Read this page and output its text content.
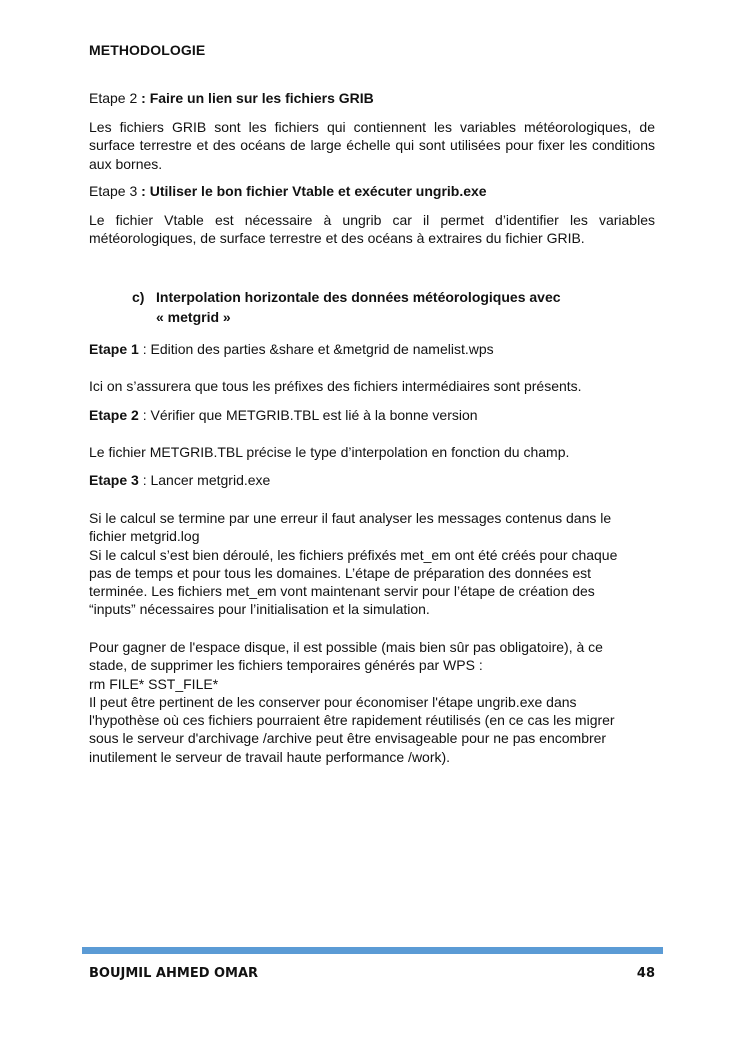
METHODOLOGIE
Etape 2 : Faire un lien sur les fichiers GRIB
Les fichiers GRIB sont les fichiers qui contiennent les variables météorologiques, de surface terrestre et des océans de large échelle qui sont utilisées pour fixer les conditions aux bornes.
Etape 3 : Utiliser le bon fichier Vtable et exécuter ungrib.exe
Le fichier Vtable est nécessaire à ungrib car il permet d’identifier les variables météorologiques, de surface terrestre et des océans à extraires du fichier GRIB.
c) Interpolation horizontale des données météorologiques avec
« metgrid »
Etape 1 : Edition des parties &share et &metgrid de namelist.wps
Ici on s’assurera que tous les préfixes des fichiers intermédiaires sont présents.
Etape 2 : Vérifier que METGRIB.TBL est lié à la bonne version
Le fichier METGRIB.TBL précise le type d’interpolation en fonction du champ.
Etape 3 : Lancer metgrid.exe
Si le calcul se termine par une erreur il faut analyser les messages contenus dans le
fichier metgrid.log
Si le calcul s’est bien déroulé, les fichiers préfixés met_em ont été créés pour chaque
pas de temps et pour tous les domaines. L’étape de préparation des données est
terminée. Les fichiers met_em vont maintenant servir pour l’étape de création des
“inputs” nécessaires pour l’initialisation et la simulation.
Pour gagner de l'espace disque, il est possible (mais bien sûr pas obligatoire), à ce
stade, de supprimer les fichiers temporaires générés par WPS :
rm FILE* SST_FILE*
Il peut être pertinent de les conserver pour économiser l'étape ungrib.exe dans
l'hypothèse où ces fichiers pourraient être rapidement réutilisés (en ce cas les migrer
sous le serveur d'archivage /archive peut être envisageable pour ne pas encombrer
inutilement le serveur de travail haute performance /work).
BOUJMIL AHMED OMAR	48
